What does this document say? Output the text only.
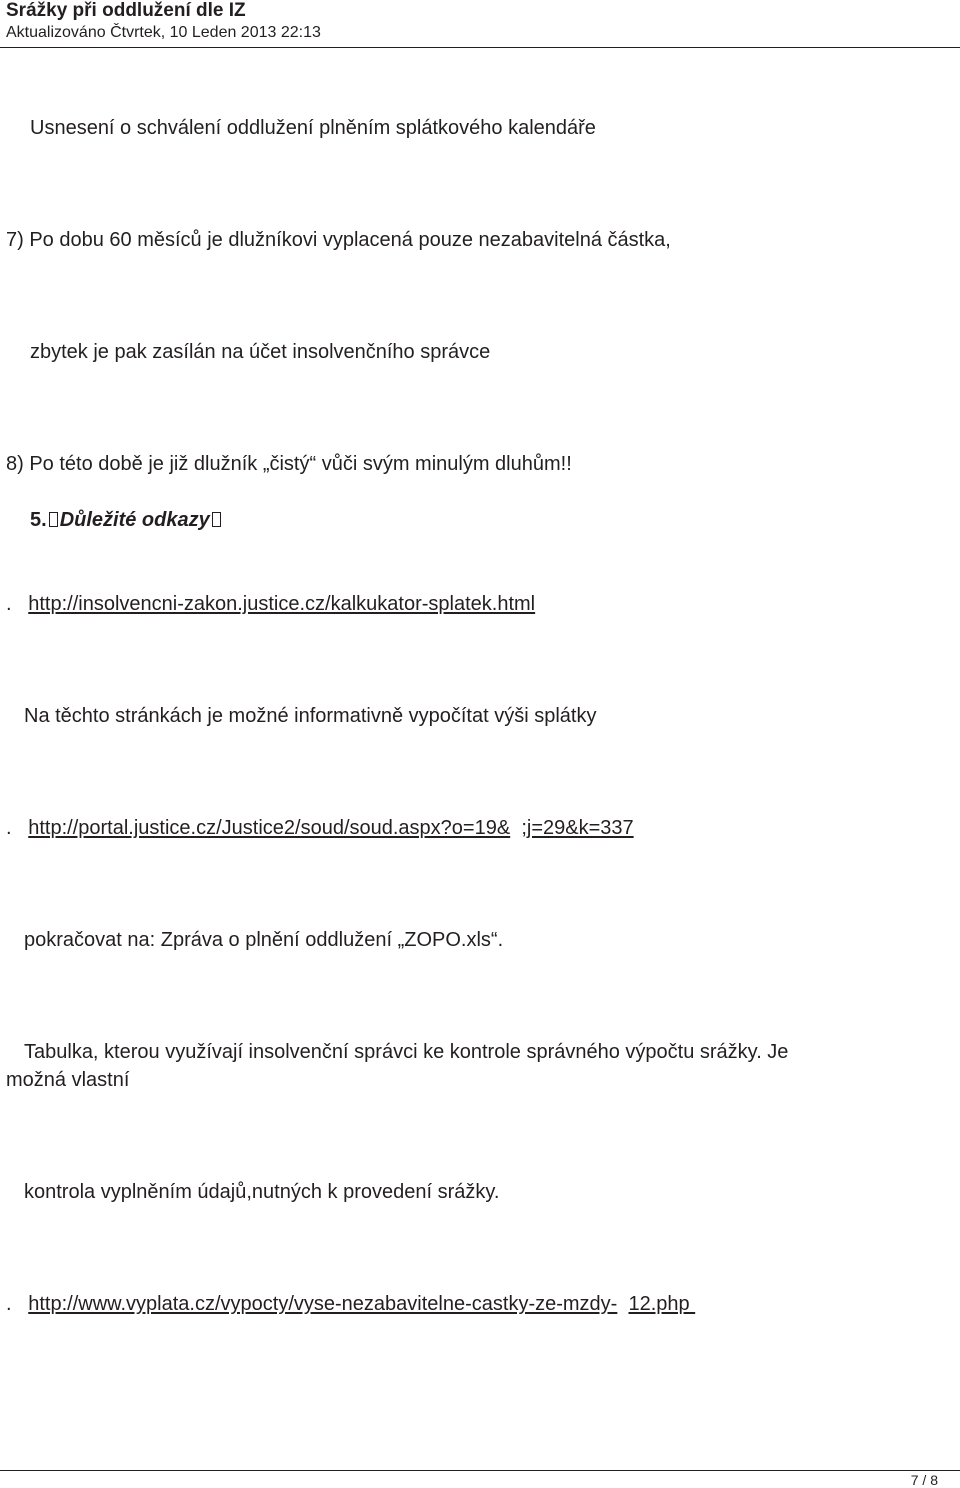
Srážky při oddlužení dle IZ
Aktualizováno Čtvrtek, 10 Leden 2013 22:13
Usnesení o schválení oddlužení plněním splátkového kalendáře
7) Po dobu 60 měsíců je dlužníkovi vyplacená pouze nezabavitelná částka,
zbytek je pak zasílán na účet insolvenčního správce
8) Po této době je již dlužník „čistý“ vůči svým minulým dluhům!!
5. Důležité odkazy
. http://insolvencni-zakon.justice.cz/kalkukator-splatek.html
Na těchto stránkách je možné informativně vypočítat výši splátky
. http://portal.justice.cz/Justice2/soud/soud.aspx?o=19& ;j=29&k=337
pokračovat na: Zpráva o plnění oddlužení „ZOPO.xls“.
Tabulka, kterou využívají insolvenční správci ke kontrole správného výpočtu srážky. Je
možná vlastní
kontrola vyplněním údajů,nutných k provedení srážky.
. http://www.vyplata.cz/vypocty/vyse-nezabavitelne-castky-ze-mzdy- 12.php
7 / 8
